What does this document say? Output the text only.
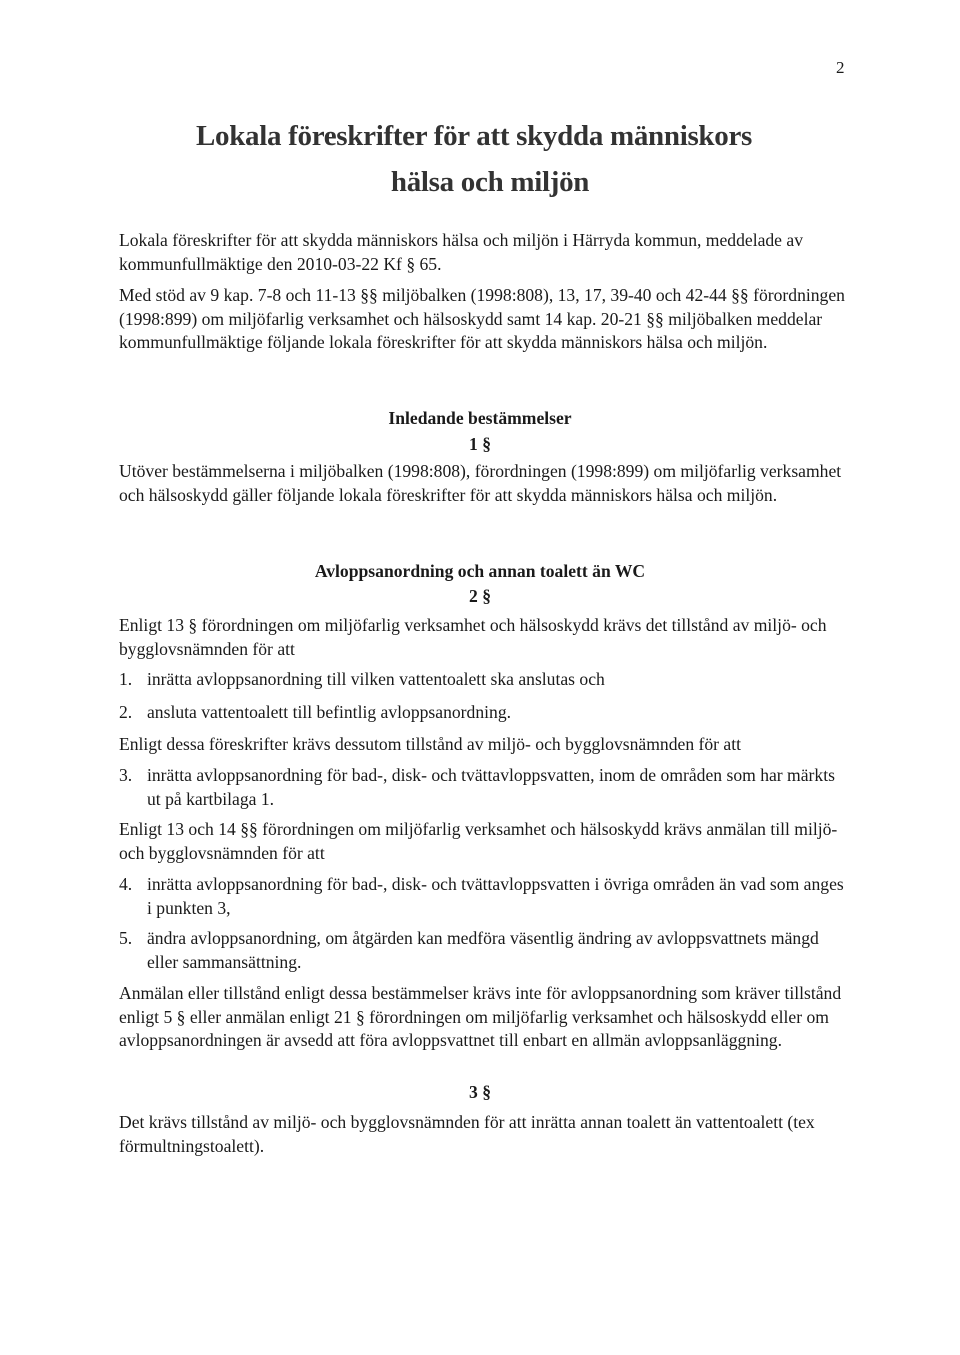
2
Lokala föreskrifter för att skydda människors
hälsa och miljön
Lokala föreskrifter för att skydda människors hälsa och miljön i Härryda kommun, meddelade av kommunfullmäktige den 2010-03-22 Kf § 65.
Med stöd av 9 kap. 7-8 och 11-13 §§ miljöbalken (1998:808), 13, 17, 39-40 och 42-44 §§ förordningen (1998:899) om miljöfarlig verksamhet och hälsoskydd samt 14 kap. 20-21 §§ miljöbalken meddelar kommunfullmäktige följande lokala föreskrifter för att skydda människors hälsa och miljön.
Inledande bestämmelser
1 §
Utöver bestämmelserna i miljöbalken (1998:808), förordningen (1998:899) om miljöfarlig verksamhet och hälsoskydd gäller följande lokala föreskrifter för att skydda människors hälsa och miljön.
Avloppsanordning och annan toalett än WC
2 §
Enligt 13 § förordningen om miljöfarlig verksamhet och hälsoskydd krävs det tillstånd av miljö- och bygglovsnämnden för att
1. inrätta avloppsanordning till vilken vattentoalett ska anslutas och
2. ansluta vattentoalett till befintlig avloppsanordning.
Enligt dessa föreskrifter krävs dessutom tillstånd av miljö- och bygglovsnämnden för att
3. inrätta avloppsanordning för bad-, disk- och tvättavloppsvatten, inom de områden som har märkts ut på kartbilaga 1.
Enligt 13 och 14 §§ förordningen om miljöfarlig verksamhet och hälsoskydd krävs anmälan till miljö- och bygglovsnämnden för att
4. inrätta avloppsanordning för bad-, disk- och tvättavloppsvatten i övriga områden än vad som anges i punkten 3,
5. ändra avloppsanordning, om åtgärden kan medföra väsentlig ändring av avloppsvattnets mängd eller sammansättning.
Anmälan eller tillstånd enligt dessa bestämmelser krävs inte för avloppsanordning som kräver tillstånd enligt 5 § eller anmälan enligt 21 § förordningen om miljöfarlig verksamhet och hälsoskydd eller om avloppsanordningen är avsedd att föra avloppsvattnet till enbart en allmän avloppsanläggning.
3 §
Det krävs tillstånd av miljö- och bygglovsnämnden för att inrätta annan toalett än vattentoalett (tex förmultningstoalett).
